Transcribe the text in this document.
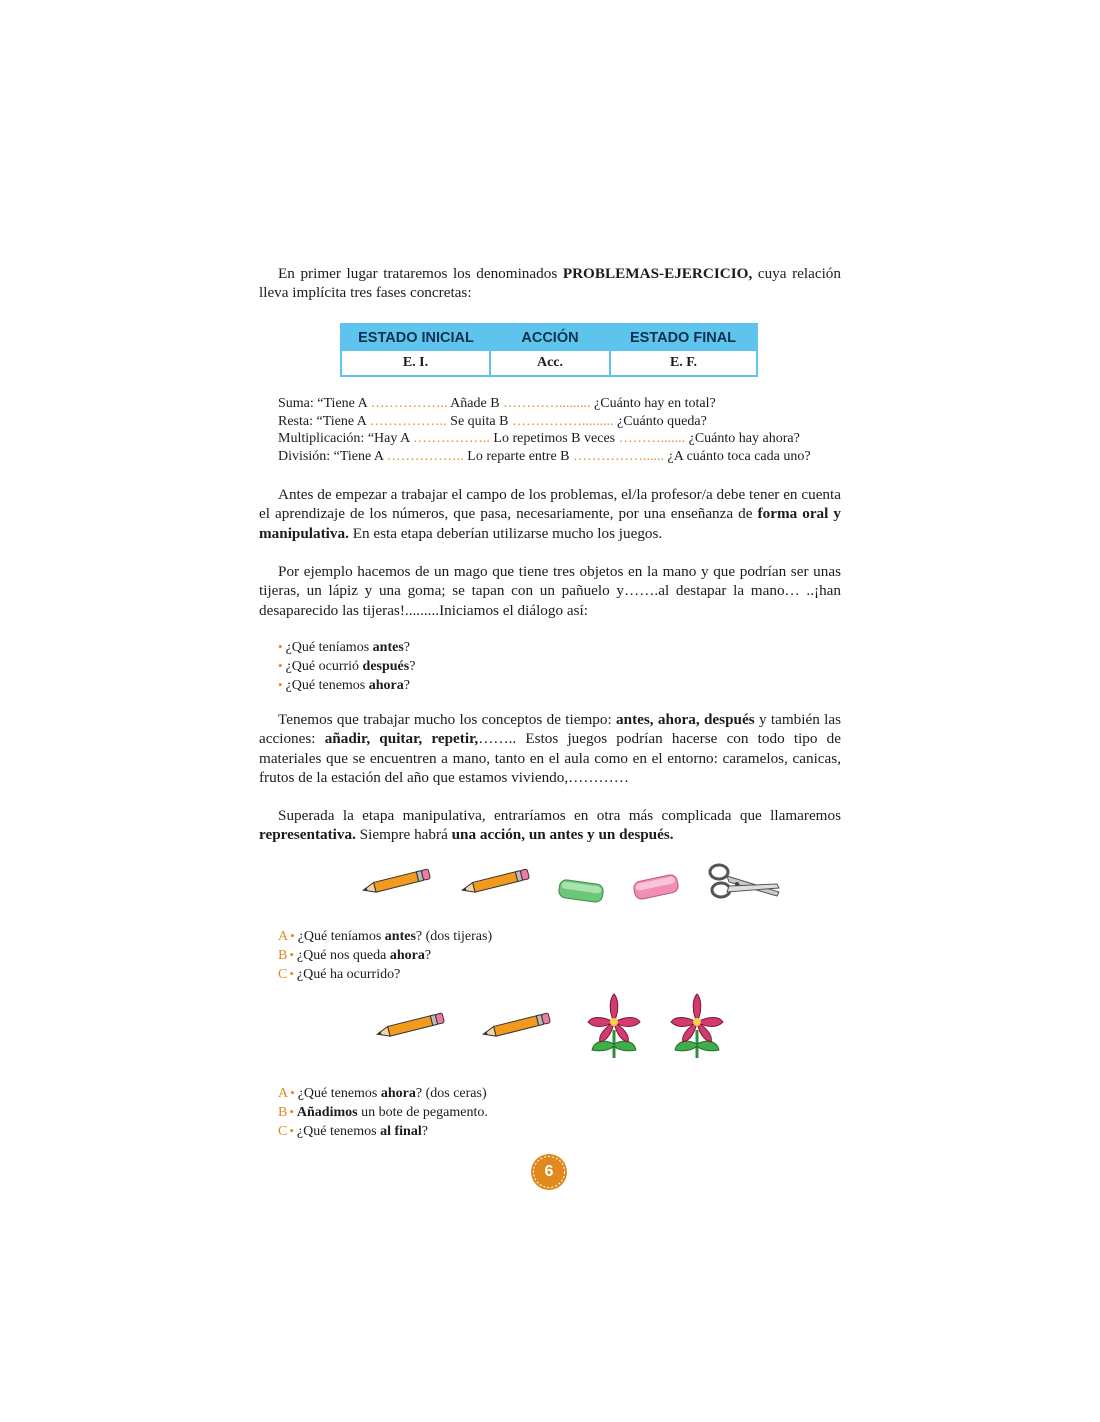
En primer lugar trataremos los denominados PROBLEMAS-EJERCICIO, cuya relación lleva implícita tres fases concretas:

ESTADO INICIAL	ACCIÓN	ESTADO FINAL
E. I.	Acc.	E. F.
Suma: “Tiene A …………….. Añade B …………......... ¿Cuánto hay en total?
Resta: “Tiene A …………….. Se quita B ……………......... ¿Cuánto queda?
Multiplicación: “Hay A …………….. Lo repetimos B veces ………....... ¿Cuánto hay ahora?
División: “Tiene A …………….. Lo reparte entre B ……………...... ¿A cuánto toca cada uno?

Antes de empezar a trabajar el campo de los problemas, el/la profesor/a debe tener en cuenta el aprendizaje de los números, que pasa, necesariamente, por una enseñanza de forma oral y manipulativa. En esta etapa deberían utilizarse mucho los juegos.

Por ejemplo hacemos de un mago que tiene tres objetos en la mano y que podrían ser unas tijeras, un lápiz y una goma; se tapan con un pañuelo y…….al destapar la mano… ..¡han desaparecido las tijeras!.........Iniciamos el diálogo así:

• ¿Qué teníamos antes?
• ¿Qué ocurrió después?
• ¿Qué tenemos ahora?

Tenemos que trabajar mucho los conceptos de tiempo: antes, ahora, después y también las acciones: añadir, quitar, repetir,…….. Estos juegos podrían hacerse con todo tipo de materiales que se encuentren a mano, tanto en el aula como en el entorno: caramelos, canicas, frutos de la estación del año que estamos viviendo,…………

Superada la etapa manipulativa, entraríamos en otra más complicada que llamaremos representativa. Siempre habrá una acción, un antes y un después.

A • ¿Qué teníamos antes? (dos tijeras)
B • ¿Qué nos queda ahora?
C • ¿Qué ha ocurrido?
A • ¿Qué tenemos ahora? (dos ceras)
B • Añadimos un bote de pegamento.
C • ¿Qué tenemos al final?
6
